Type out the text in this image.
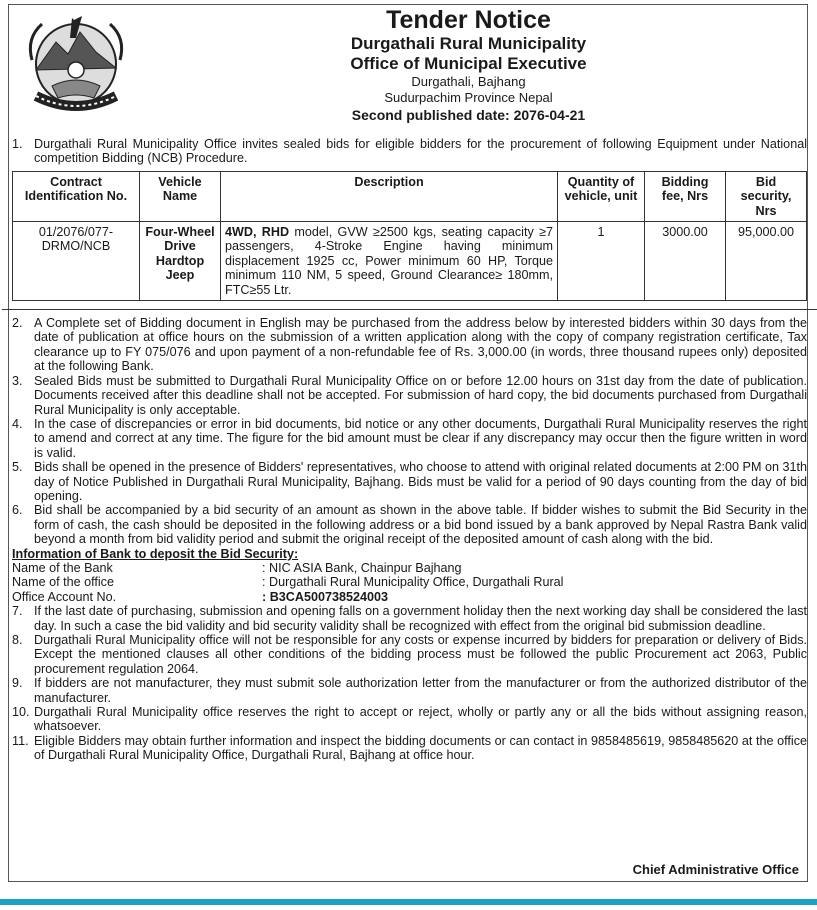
Tender Notice
Durgathali Rural Municipality
Office of Municipal Executive
Durgathali, Bajhang
Sudurpachim Province Nepal
Second published date: 2076-04-21
1. Durgathali Rural Municipality Office invites sealed bids for eligible bidders for the procurement of following Equipment under National competition Bidding (NCB) Procedure.
Contract Identification No.	Vehicle Name	Description	Quantity of vehicle, unit	Bidding fee, Nrs	Bid security, Nrs
01/2076/077-DRMO/NCB	Four-Wheel Drive Hardtop Jeep	4WD, RHD model, GVW ≥2500 kgs, seating capacity ≥7 passengers, 4-Stroke Engine having minimum displacement 1925 cc, Power minimum 60 HP, Torque minimum 110 NM, 5 speed, Ground Clearance≥ 180mm, FTC≥55 Ltr.	1	3000.00	95,000.00
2. A Complete set of Bidding document in English may be purchased from the address below by interested bidders within 30 days from the date of publication at office hours on the submission of a written application along with the copy of company registration certificate, Tax clearance up to FY 075/076 and upon payment of a non-refundable fee of Rs. 3,000.00 (in words, three thousand rupees only) deposited at the following Bank.
3. Sealed Bids must be submitted to Durgathali Rural Municipality Office on or before 12.00 hours on 31st day from the date of publication. Documents received after this deadline shall not be accepted. For submission of hard copy, the bid documents purchased from Durgathali Rural Municipality is only acceptable.
4. In the case of discrepancies or error in bid documents, bid notice or any other documents, Durgathali Rural Municipality reserves the right to amend and correct at any time. The figure for the bid amount must be clear if any discrepancy may occur then the figure written in word is valid.
5. Bids shall be opened in the presence of Bidders' representatives, who choose to attend with original related documents at 2:00 PM on 31th day of Notice Published in Durgathali Rural Municipality, Bajhang. Bids must be valid for a period of 90 days counting from the day of bid opening.
6. Bid shall be accompanied by a bid security of an amount as shown in the above table. If bidder wishes to submit the Bid Security in the form of cash, the cash should be deposited in the following address or a bid bond issued by a bank approved by Nepal Rastra Bank valid beyond a month from bid validity period and submit the original receipt of the deposited amount of cash along with the bid.
Information of Bank to deposit the Bid Security:
Name of the Bank	: NIC ASIA Bank, Chainpur Bajhang
Name of the office	: Durgathali Rural Municipality Office, Durgathali Rural
Office Account No.	: B3CA500738524003
7. If the last date of purchasing, submission and opening falls on a government holiday then the next working day shall be considered the last day. In such a case the bid validity and bid security validity shall be recognized with effect from the original bid submission deadline.
8. Durgathali Rural Municipality office will not be responsible for any costs or expense incurred by bidders for preparation or delivery of Bids. Except the mentioned clauses all other conditions of the bidding process must be followed the public Procurement act 2063, Public procurement regulation 2064.
9. If bidders are not manufacturer, they must submit sole authorization letter from the manufacturer or from the authorized distributor of the manufacturer.
10. Durgathali Rural Municipality office reserves the right to accept or reject, wholly or partly any or all the bids without assigning reason, whatsoever.
11. Eligible Bidders may obtain further information and inspect the bidding documents or can contact in 9858485619, 9858485620 at the office of Durgathali Rural Municipality Office, Durgathali Rural, Bajhang at office hour.
Chief Administrative Office
